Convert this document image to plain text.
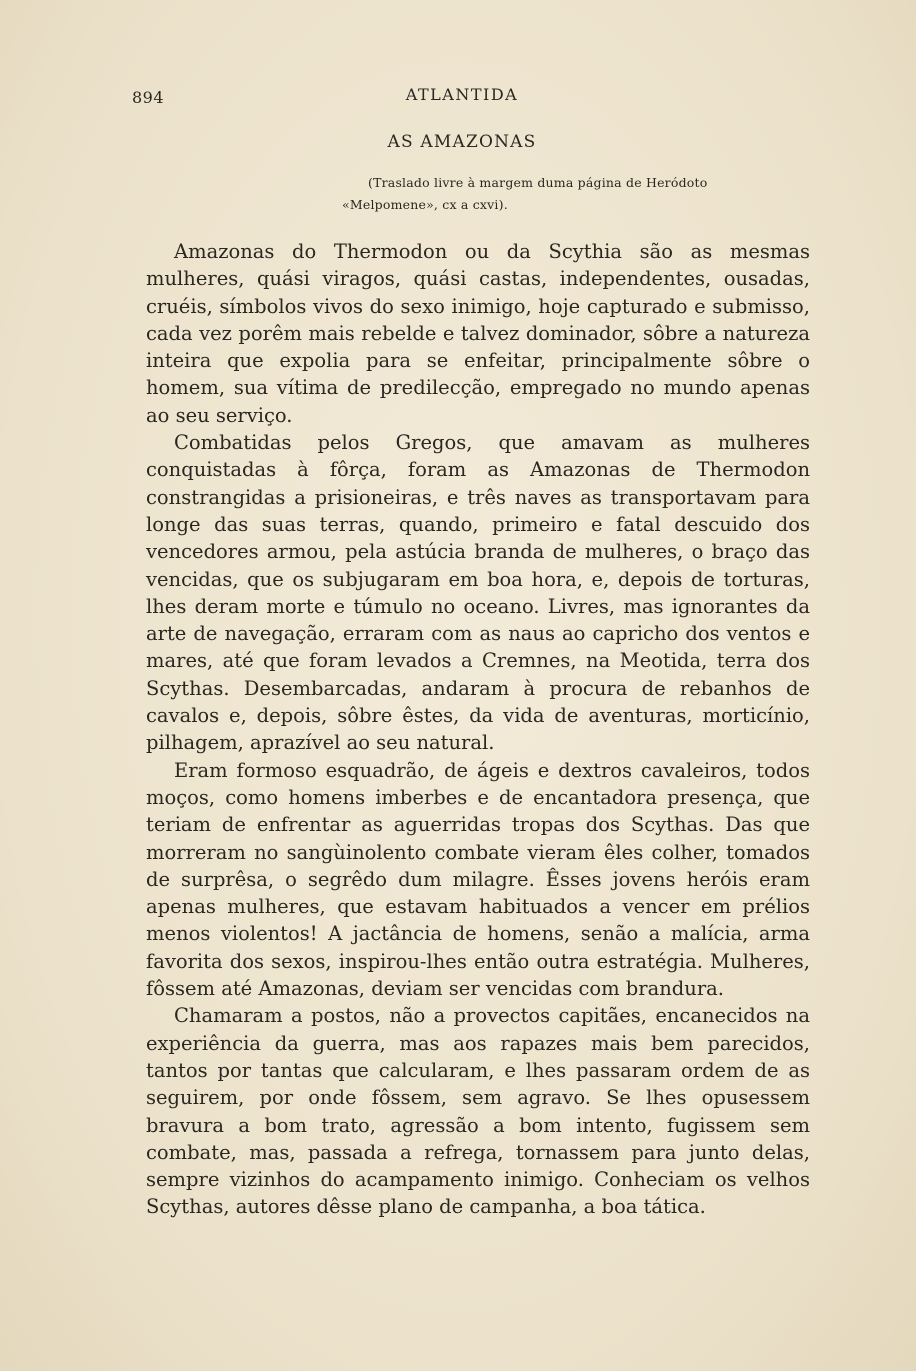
894	ATLANTIDA
AS AMAZONAS
(Traslado livre à margem duma página de Heródoto
«Melpomene», cx a cxvi).

Amazonas do Thermodon ou da Scythia são as mesmas mulheres, quási viragos, quási castas, independentes, ousadas, cruéis, símbolos vivos do sexo inimigo, hoje capturado e submisso, cada vez porêm mais rebelde e talvez dominador, sôbre a natureza inteira que expolia para se enfeitar, principalmente sôbre o homem, sua vítima de predilecção, empregado no mundo apenas ao seu serviço.

Combatidas pelos Gregos, que amavam as mulheres conquistadas à fôrça, foram as Amazonas de Thermodon constrangidas a prisioneiras, e três naves as transportavam para longe das suas terras, quando, primeiro e fatal descuido dos vencedores armou, pela astúcia branda de mulheres, o braço das vencidas, que os subjugaram em boa hora, e, depois de torturas, lhes deram morte e túmulo no oceano. Livres, mas ignorantes da arte de navegação, erraram com as naus ao capricho dos ventos e mares, até que foram levados a Cremnes, na Meotida, terra dos Scythas. Desembarcadas, andaram à procura de rebanhos de cavalos e, depois, sôbre êstes, da vida de aventuras, morticínio, pilhagem, aprazível ao seu natural.

Eram formoso esquadrão, de ágeis e dextros cavaleiros, todos moços, como homens imberbes e de encantadora presença, que teriam de enfrentar as aguerridas tropas dos Scythas. Das que morreram no sangùinolento combate vieram êles colher, tomados de surprêsa, o segrêdo dum milagre. Êsses jovens heróis eram apenas mulheres, que estavam habituados a vencer em prélios menos violentos! A jactância de homens, senão a malícia, arma favorita dos sexos, inspirou-lhes então outra estratégia. Mulheres, fôssem até Amazonas, deviam ser vencidas com brandura.

Chamaram a postos, não a provectos capitães, encanecidos na experiência da guerra, mas aos rapazes mais bem parecidos, tantos por tantas que calcularam, e lhes passaram ordem de as seguirem, por onde fôssem, sem agravo. Se lhes opusessem bravura a bom trato, agressão a bom intento, fugissem sem combate, mas, passada a refrega, tornassem para junto delas, sempre vizinhos do acampamento inimigo. Conheciam os velhos Scythas, autores dêsse plano de campanha, a boa tática.
